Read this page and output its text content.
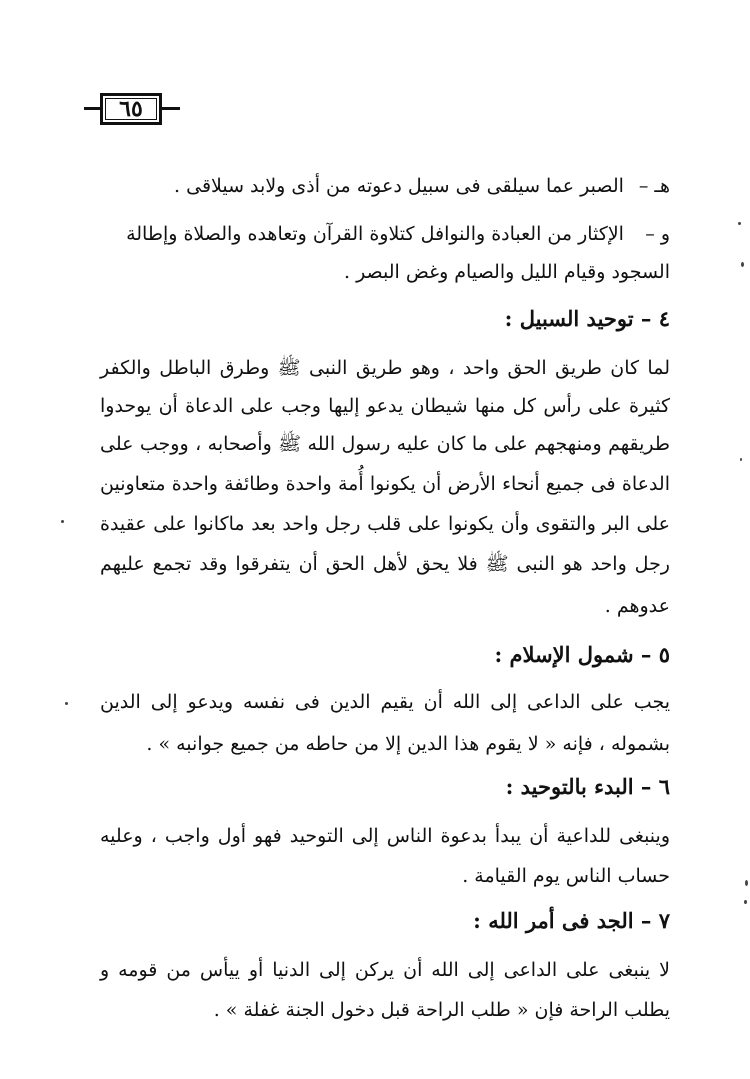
٦٥
هـ – الصبر عما سيلقى فى سبيل دعوته من أذى ولابد سيلاقى .
و – الإكثار من العبادة والنوافل كتلاوة القرآن وتعاهده والصلاة وإطالة
السجود وقيام الليل والصيام وغض البصر .
٤ – توحيد السبيل :
لما كان طريق الحق واحد ، وهو طريق النبى ﷺ وطرق الباطل والكفر
كثيرة على رأس كل منها شيطان يدعو إليها وجب على الدعاة أن يوحدوا
طريقهم ومنهجهم على ما كان عليه رسول الله ﷺ وأصحابه ، ووجب على
الدعاة فى جميع أنحاء الأرض أن يكونوا أُمة واحدة وطائفة واحدة متعاونين
على البر والتقوى وأن يكونوا على قلب رجل واحد بعد ماكانوا على عقيدة
رجل واحد هو النبى ﷺ فلا يحق لأهل الحق أن يتفرقوا وقد تجمع عليهم
عدوهم .
٥ – شمول الإسلام :
يجب على الداعى إلى الله أن يقيم الدين فى نفسه ويدعو إلى الدين
بشموله ، فإنه « لا يقوم هذا الدين إلا من حاطه من جميع جوانبه » .
٦ – البدء بالتوحيد :
وينبغى للداعية أن يبدأ بدعوة الناس إلى التوحيد فهو أول واجب ، وعليه
حساب الناس يوم القيامة .
٧ – الجد فى أمر الله :
لا ينبغى على الداعى إلى الله أن يركن إلى الدنيا أو ييأس من قومه و
يطلب الراحة فإن « طلب الراحة قبل دخول الجنة غفلة » .
